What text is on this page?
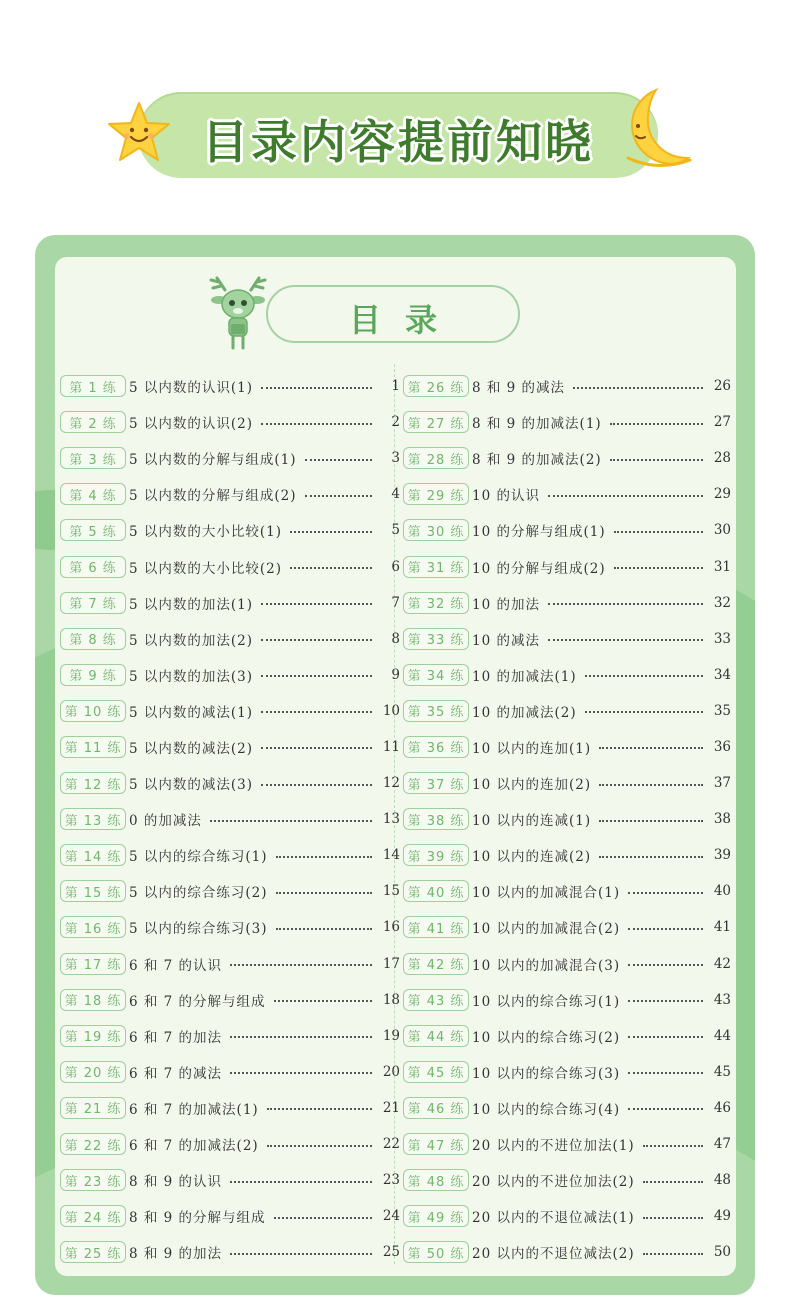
目录内容提前知晓
目录
第 1 练 5 以内数的认识(1)	1
第 2 练 5 以内数的认识(2)	2
第 3 练 5 以内数的分解与组成(1)	3
第 4 练 5 以内数的分解与组成(2)	4
第 5 练 5 以内数的大小比较(1)	5
第 6 练 5 以内数的大小比较(2)	6
第 7 练 5 以内数的加法(1)	7
第 8 练 5 以内数的加法(2)	8
第 9 练 5 以内数的加法(3)	9
第 10 练 5 以内数的减法(1)	10
第 11 练 5 以内数的减法(2)	11
第 12 练 5 以内数的减法(3)	12
第 13 练 0 的加减法	13
第 14 练 5 以内的综合练习(1)	14
第 15 练 5 以内的综合练习(2)	15
第 16 练 5 以内的综合练习(3)	16
第 17 练 6 和 7 的认识	17
第 18 练 6 和 7 的分解与组成	18
第 19 练 6 和 7 的加法	19
第 20 练 6 和 7 的减法	20
第 21 练 6 和 7 的加减法(1)	21
第 22 练 6 和 7 的加减法(2)	22
第 23 练 8 和 9 的认识	23
第 24 练 8 和 9 的分解与组成	24
第 25 练 8 和 9 的加法	25
第 26 练 8 和 9 的减法	26
第 27 练 8 和 9 的加减法(1)	27
第 28 练 8 和 9 的加减法(2)	28
第 29 练 10 的认识	29
第 30 练 10 的分解与组成(1)	30
第 31 练 10 的分解与组成(2)	31
第 32 练 10 的加法	32
第 33 练 10 的减法	33
第 34 练 10 的加减法(1)	34
第 35 练 10 的加减法(2)	35
第 36 练 10 以内的连加(1)	36
第 37 练 10 以内的连加(2)	37
第 38 练 10 以内的连减(1)	38
第 39 练 10 以内的连减(2)	39
第 40 练 10 以内的加减混合(1)	40
第 41 练 10 以内的加减混合(2)	41
第 42 练 10 以内的加减混合(3)	42
第 43 练 10 以内的综合练习(1)	43
第 44 练 10 以内的综合练习(2)	44
第 45 练 10 以内的综合练习(3)	45
第 46 练 10 以内的综合练习(4)	46
第 47 练 20 以内的不进位加法(1)	47
第 48 练 20 以内的不进位加法(2)	48
第 49 练 20 以内的不退位减法(1)	49
第 50 练 20 以内的不退位减法(2)	50
